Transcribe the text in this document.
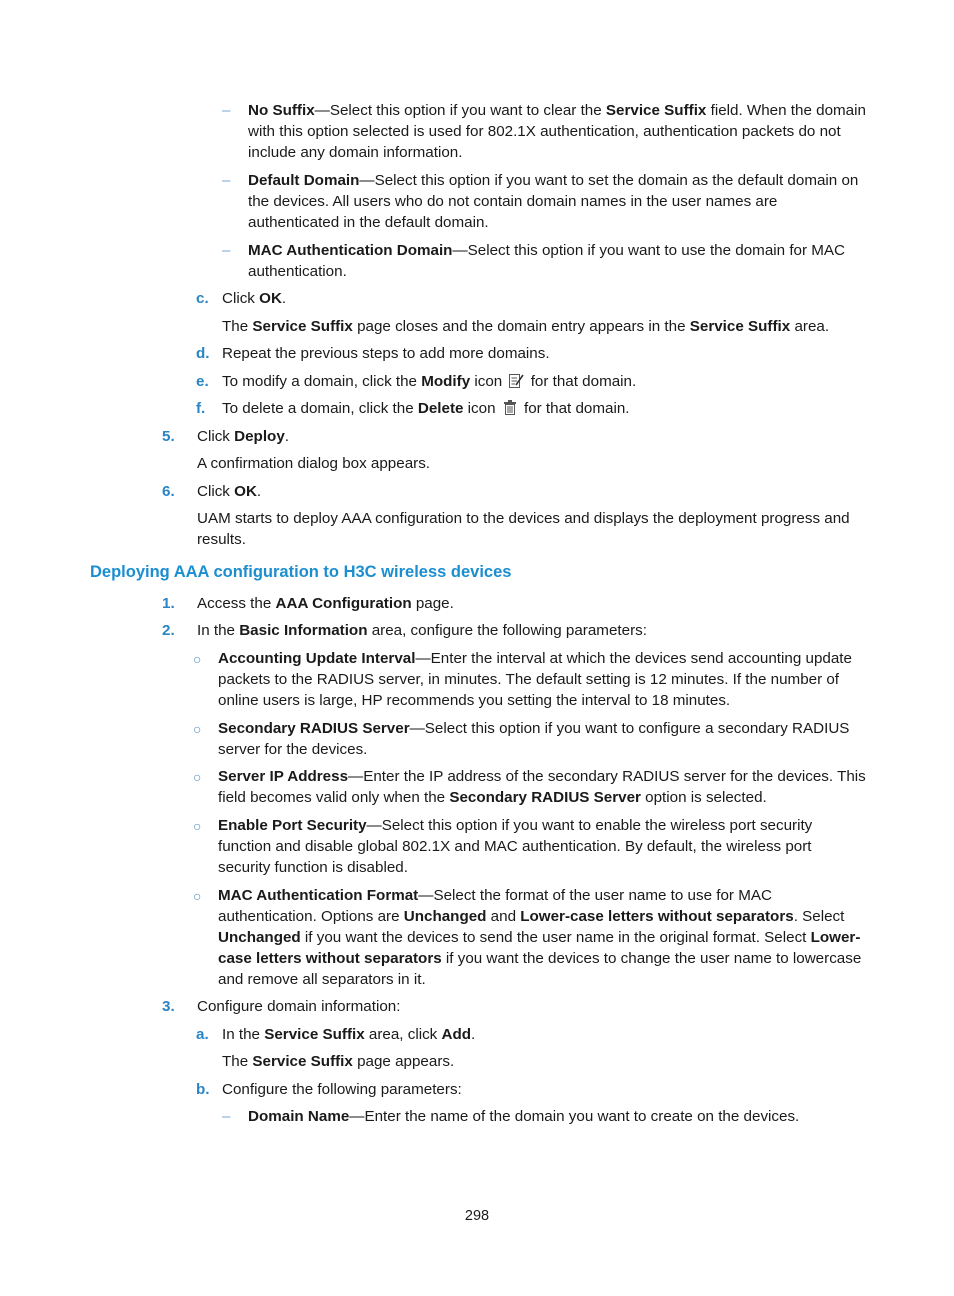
– No Suffix—Select this option if you want to clear the Service Suffix field. When the domain with this option selected is used for 802.1X authentication, authentication packets do not include any domain information.
– Default Domain—Select this option if you want to set the domain as the default domain on the devices. All users who do not contain domain names in the user names are authenticated in the default domain.
– MAC Authentication Domain—Select this option if you want to use the domain for MAC authentication.
c. Click OK.
The Service Suffix page closes and the domain entry appears in the Service Suffix area.
d. Repeat the previous steps to add more domains.
e. To modify a domain, click the Modify icon  for that domain.
f. To delete a domain, click the Delete icon  for that domain.
5. Click Deploy.
A confirmation dialog box appears.
6. Click OK.
UAM starts to deploy AAA configuration to the devices and displays the deployment progress and results.
Deploying AAA configuration to H3C wireless devices
1. Access the AAA Configuration page.
2. In the Basic Information area, configure the following parameters:
○ Accounting Update Interval—Enter the interval at which the devices send accounting update packets to the RADIUS server, in minutes. The default setting is 12 minutes. If the number of online users is large, HP recommends you setting the interval to 18 minutes.
○ Secondary RADIUS Server—Select this option if you want to configure a secondary RADIUS server for the devices.
○ Server IP Address—Enter the IP address of the secondary RADIUS server for the devices. This field becomes valid only when the Secondary RADIUS Server option is selected.
○ Enable Port Security—Select this option if you want to enable the wireless port security function and disable global 802.1X and MAC authentication. By default, the wireless port security function is disabled.
○ MAC Authentication Format—Select the format of the user name to use for MAC authentication. Options are Unchanged and Lower-case letters without separators. Select Unchanged if you want the devices to send the user name in the original format. Select Lower-case letters without separators if you want the devices to change the user name to lowercase and remove all separators in it.
3. Configure domain information:
a. In the Service Suffix area, click Add.
The Service Suffix page appears.
b. Configure the following parameters:
– Domain Name—Enter the name of the domain you want to create on the devices.
298
